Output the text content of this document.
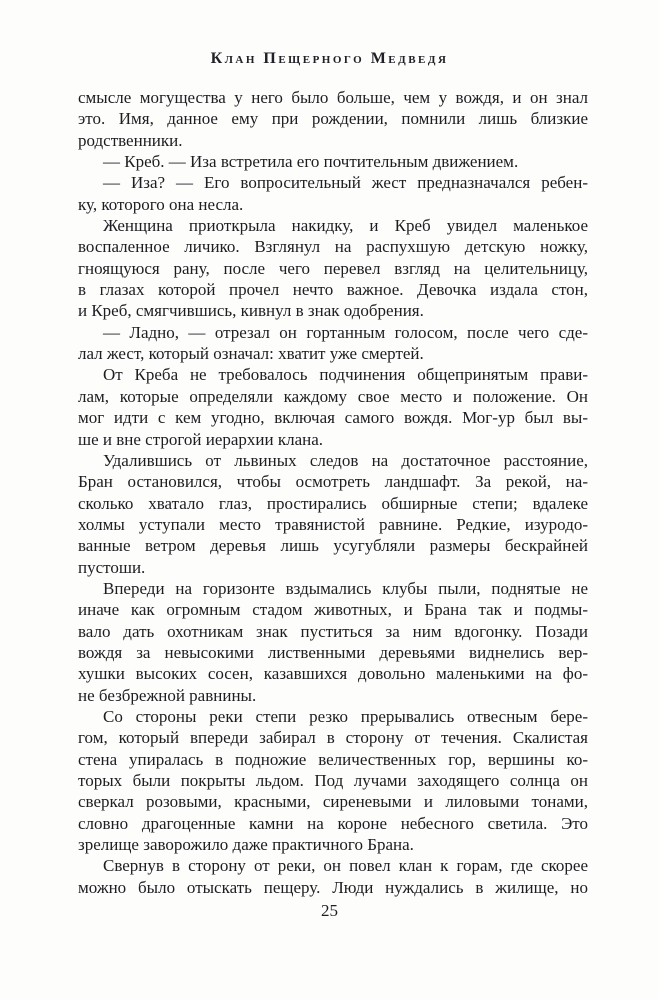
Клан Пещерного Медведя
смысле могущества у него было больше, чем у вождя, и он знал
это. Имя, данное ему при рождении, помнили лишь близкие
родственники.
— Креб. — Иза встретила его почтительным движением.
— Иза? — Его вопросительный жест предназначался ребен-
ку, которого она несла.
Женщина приоткрыла накидку, и Креб увидел маленькое
воспаленное личико. Взглянул на распухшую детскую ножку,
гноящуюся рану, после чего перевел взгляд на целительницу,
в глазах которой прочел нечто важное. Девочка издала стон,
и Креб, смягчившись, кивнул в знак одобрения.
— Ладно, — отрезал он гортанным голосом, после чего сде-
лал жест, который означал: хватит уже смертей.
От Креба не требовалось подчинения общепринятым прави-
лам, которые определяли каждому свое место и положение. Он
мог идти с кем угодно, включая самого вождя. Мог-ур был вы-
ше и вне строгой иерархии клана.
Удалившись от львиных следов на достаточное расстояние,
Бран остановился, чтобы осмотреть ландшафт. За рекой, на-
сколько хватало глаз, простирались обширные степи; вдалеке
холмы уступали место травянистой равнине. Редкие, изуродо-
ванные ветром деревья лишь усугубляли размеры бескрайней
пустоши.
Впереди на горизонте вздымались клубы пыли, поднятые не
иначе как огромным стадом животных, и Брана так и подмы-
вало дать охотникам знак пуститься за ним вдогонку. Позади
вождя за невысокими лиственными деревьями виднелись вер-
хушки высоких сосен, казавшихся довольно маленькими на фо-
не безбрежной равнины.
Со стороны реки степи резко прерывались отвесным бере-
гом, который впереди забирал в сторону от течения. Скалистая
стена упиралась в подножие величественных гор, вершины ко-
торых были покрыты льдом. Под лучами заходящего солнца он
сверкал розовыми, красными, сиреневыми и лиловыми тонами,
словно драгоценные камни на короне небесного светила. Это
зрелище заворожило даже практичного Брана.
Свернув в сторону от реки, он повел клан к горам, где скорее
можно было отыскать пещеру. Люди нуждались в жилище, но
25
